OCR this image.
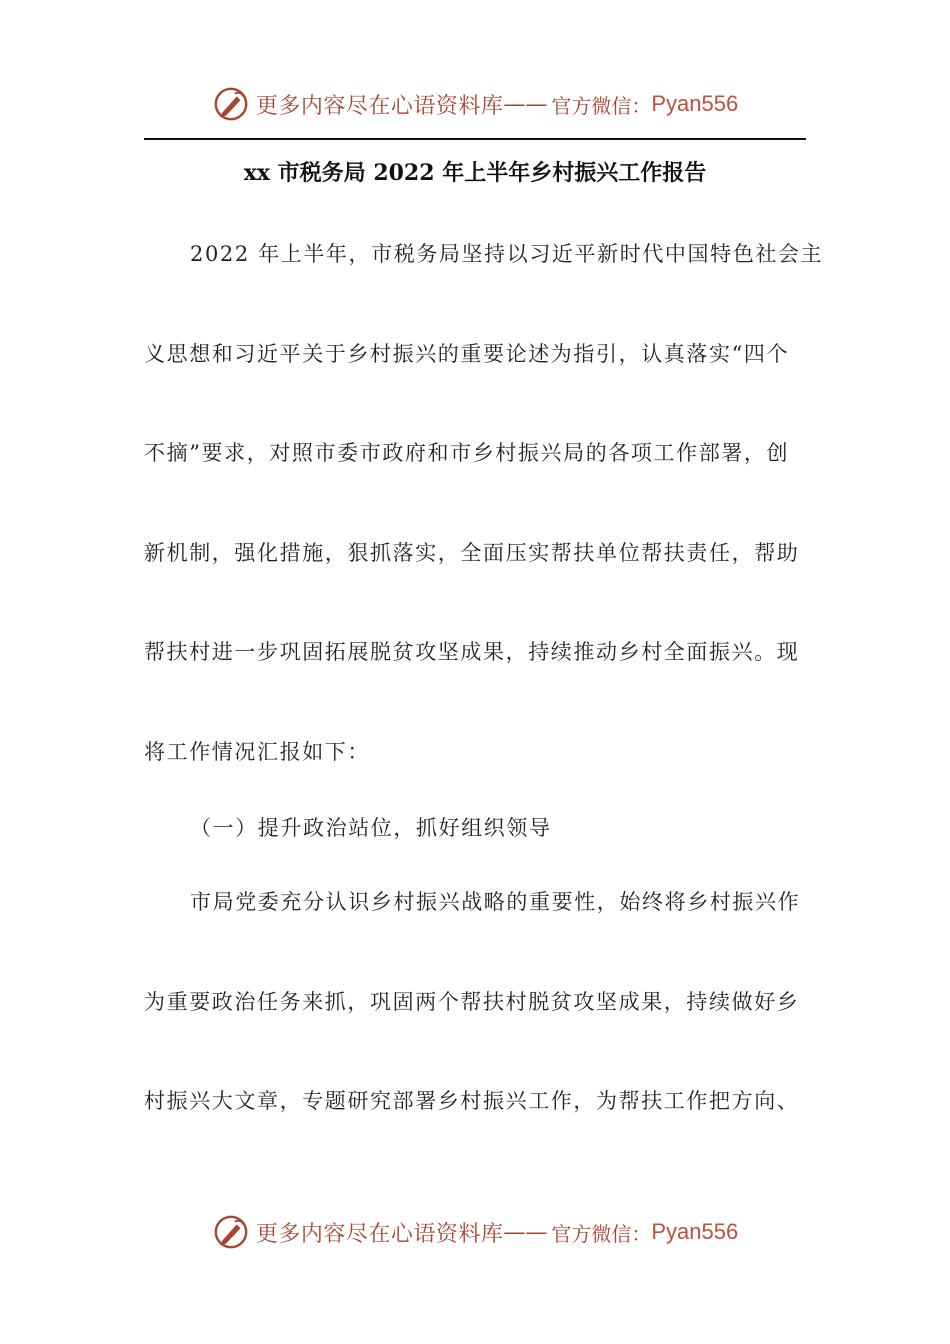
更多内容尽在心语资料库 —— 官方微信： Pyan556
xx 市税务局 2022 年上半年乡村振兴工作报告
2022 年上半年，市税务局坚持以习近平新时代中国特色社会主
义思想和习近平关于乡村振兴的重要论述为指引，认真落实“四个
不摘”要求，对照市委市政府和市乡村振兴局的各项工作部署，创
新机制，强化措施，狠抓落实，全面压实帮扶单位帮扶责任，帮助
帮扶村进一步巩固拓展脱贫攻坚成果，持续推动乡村全面振兴。现
将工作情况汇报如下：
（一）提升政治站位，抓好组织领导
市局党委充分认识乡村振兴战略的重要性，始终将乡村振兴作
为重要政治任务来抓，巩固两个帮扶村脱贫攻坚成果，持续做好乡
村振兴大文章，专题研究部署乡村振兴工作，为帮扶工作把方向、
更多内容尽在心语资料库 —— 官方微信： Pyan556
